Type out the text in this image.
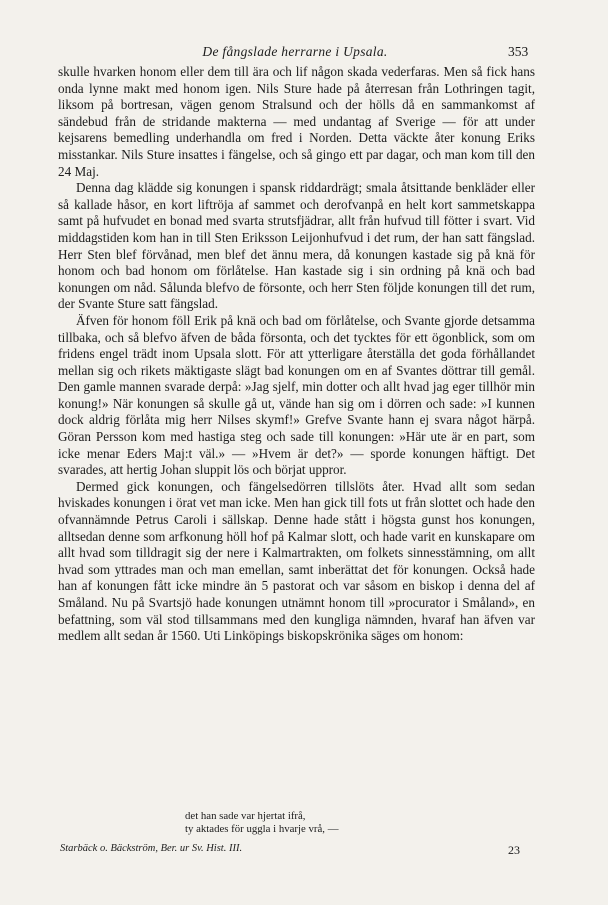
De fångslade herrarne i Upsala.	353

skulle hvarken honom eller dem till ära och lif någon skada vederfaras. Men så fick hans onda lynne makt med honom igen. Nils Sture hade på återresan från Lothringen tagit, liksom på bortresan, vägen genom Stralsund och der hölls då en sammankomst af sändebud från de stridande makterna — med undantag af Sverige — för att under kejsarens bemedling underhandla om fred i Norden. Detta väckte åter konung Eriks misstankar. Nils Sture insattes i fängelse, och så gingo ett par dagar, och man kom till den 24 Maj.

Denna dag klädde sig konungen i spansk riddardrägt; smala åtsittande benkläder eller så kallade håsor, en kort liftröja af sammet och derofvanpå en helt kort sammetskappa samt på hufvudet en bonad med svarta strutsfjädrar, allt från hufvud till fötter i svart. Vid middagstiden kom han in till Sten Eriksson Leijonhufvud i det rum, der han satt fängslad. Herr Sten blef förvånad, men blef det ännu mera, då konungen kastade sig på knä för honom och bad honom om förlåtelse. Han kastade sig i sin ordning på knä och bad konungen om nåd. Sålunda blefvo de försonte, och herr Sten följde konungen till det rum, der Svante Sture satt fängslad.

Äfven för honom föll Erik på knä och bad om förlåtelse, och Svante gjorde detsamma tillbaka, och så blefvo äfven de båda försonta, och det tycktes för ett ögonblick, som om fridens engel trädt inom Upsala slott. För att ytterligare återställa det goda förhållandet mellan sig och rikets mäktigaste slägt bad konungen om en af Svantes döttrar till gemål. Den gamle mannen svarade derpå: »Jag sjelf, min dotter och allt hvad jag eger tillhör min konung!» När konungen så skulle gå ut, vände han sig om i dörren och sade: »I kunnen dock aldrig förlåta mig herr Nilses skymf!» Grefve Svante hann ej svara något härpå. Göran Persson kom med hastiga steg och sade till konungen: »Här ute är en part, som icke menar Eders Maj:t väl.» — »Hvem är det?» — sporde konungen häftigt. Det svarades, att hertig Johan sluppit lös och börjat uppror.

Dermed gick konungen, och fängelsedörren tillslöts åter. Hvad allt som sedan hviskades konungen i örat vet man icke. Men han gick till fots ut från slottet och hade den ofvannämnde Petrus Caroli i sällskap. Denne hade stått i högsta gunst hos konungen, alltsedan denne som arfkonung höll hof på Kalmar slott, och hade varit en kunskapare om allt hvad som tilldragit sig der nere i Kalmartrakten, om folkets sinnesstämning, om allt hvad som yttrades man och man emellan, samt inberättat det för konungen. Också hade han af konungen fått icke mindre än 5 pastorat och var såsom en biskop i denna del af Småland. Nu på Svartsjö hade konungen utnämnt honom till »procurator i Småland», en befattning, som väl stod tillsammans med den kungliga nämnden, hvaraf han äfven var medlem allt sedan år 1560. Uti Linköpings biskopskrönika säges om honom:

det han sade var hjertat ifrå,
ty aktades för uggla i hvarje vrå, —
Starbäck o. Bäckström, Ber. ur Sv. Hist. III.	23
